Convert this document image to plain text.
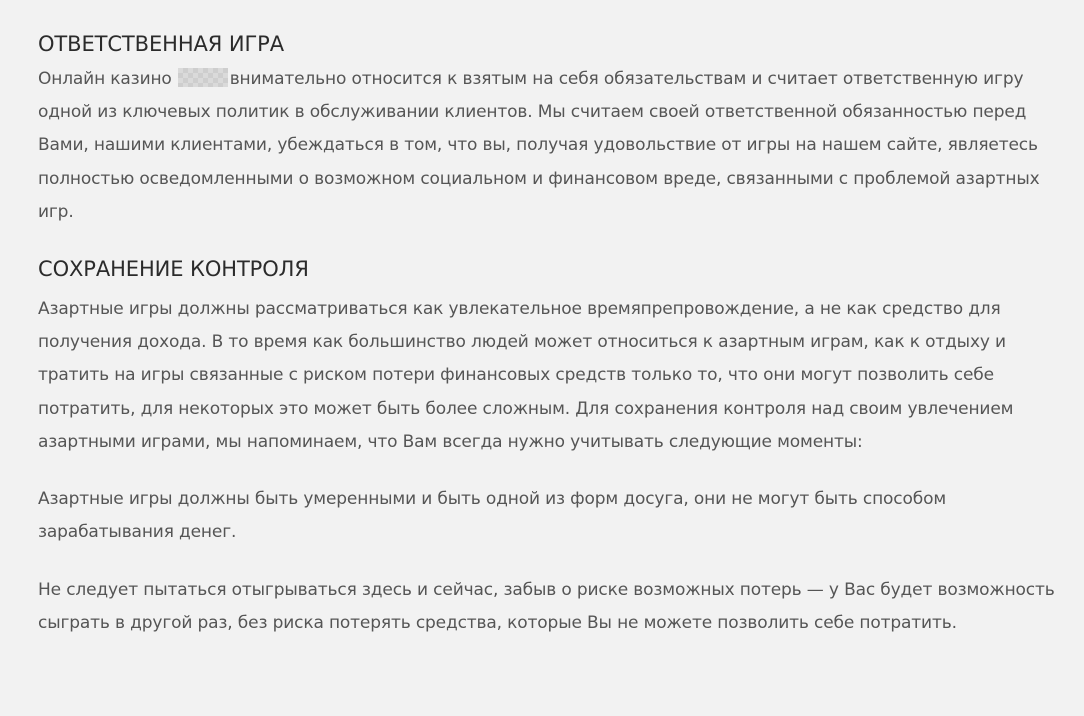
ОТВЕТСТВЕННАЯ ИГРА

Онлайн казино	внимательно относится к взятым на себя обязательствам и считает ответственную игру одной из ключевых политик в обслуживании клиентов. Мы считаем своей ответственной обязанностью перед Вами, нашими клиентами, убеждаться в том, что вы, получая удовольствие от игры на нашем сайте, являетесь полностью осведомленными о возможном социальном и финансовом вреде, связанными с проблемой азартных игр.

СОХРАНЕНИЕ КОНТРОЛЯ

Азартные игры должны рассматриваться как увлекательное времяпрепровождение, а не как средство для получения дохода. В то время как большинство людей может относиться к азартным играм, как к отдыху и тратить на игры связанные с риском потери финансовых средств только то, что они могут позволить себе потратить, для некоторых это может быть более сложным. Для сохранения контроля над своим увлечением азартными играми, мы напоминаем, что Вам всегда нужно учитывать следующие моменты:

Азартные игры должны быть умеренными и быть одной из форм досуга, они не могут быть способом зарабатывания денег.

Не следует пытаться отыгрываться здесь и сейчас, забыв о риске возможных потерь — у Вас будет возможность сыграть в другой раз, без риска потерять средства, которые Вы не можете позволить себе потратить.
